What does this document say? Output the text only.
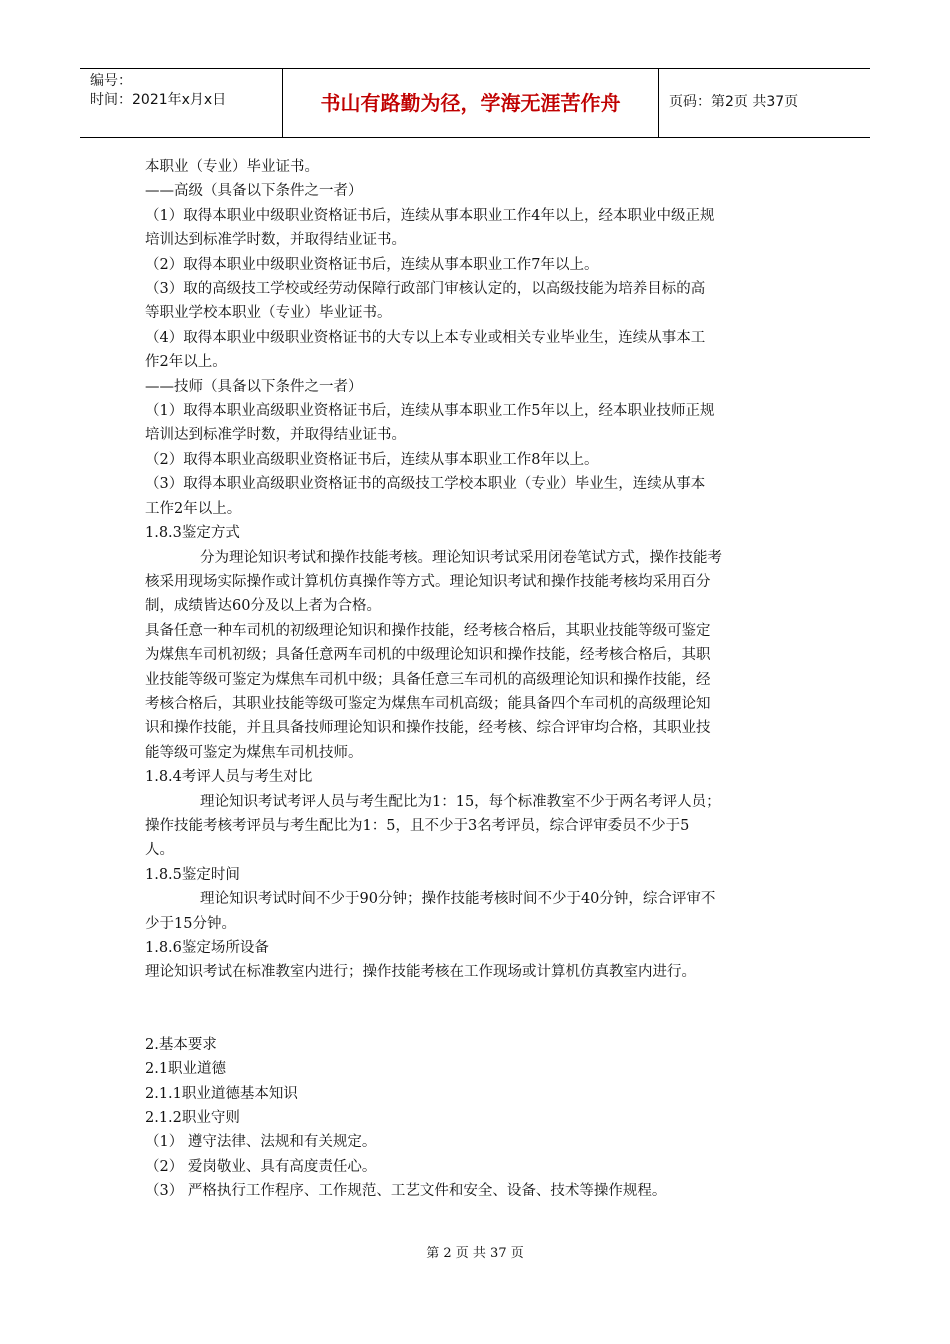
编号：
时间：2021年x月x日	书山有路勤为径，学海无涯苦作舟	页码：第2页 共37页

本职业（专业）毕业证书。

——高级（具备以下条件之一者）

（1）取得本职业中级职业资格证书后，连续从事本职业工作4年以上，经本职业中级正规

培训达到标准学时数，并取得结业证书。

（2）取得本职业中级职业资格证书后，连续从事本职业工作7年以上。

（3）取的高级技工学校或经劳动保障行政部门审核认定的，以高级技能为培养目标的高

等职业学校本职业（专业）毕业证书。

（4）取得本职业中级职业资格证书的大专以上本专业或相关专业毕业生，连续从事本工

作2年以上。

——技师（具备以下条件之一者）

（1）取得本职业高级职业资格证书后，连续从事本职业工作5年以上，经本职业技师正规

培训达到标准学时数，并取得结业证书。

（2）取得本职业高级职业资格证书后，连续从事本职业工作8年以上。

（3）取得本职业高级职业资格证书的高级技工学校本职业（专业）毕业生，连续从事本

工作2年以上。

1.8.3鉴定方式

分为理论知识考试和操作技能考核。理论知识考试采用闭卷笔试方式，操作技能考

核采用现场实际操作或计算机仿真操作等方式。理论知识考试和操作技能考核均采用百分

制，成绩皆达60分及以上者为合格。

具备任意一种车司机的初级理论知识和操作技能，经考核合格后，其职业技能等级可鉴定

为煤焦车司机初级；具备任意两车司机的中级理论知识和操作技能，经考核合格后，其职

业技能等级可鉴定为煤焦车司机中级；具备任意三车司机的高级理论知识和操作技能，经

考核合格后，其职业技能等级可鉴定为煤焦车司机高级；能具备四个车司机的高级理论知

识和操作技能，并且具备技师理论知识和操作技能，经考核、综合评审均合格，其职业技

能等级可鉴定为煤焦车司机技师。

1.8.4考评人员与考生对比

理论知识考试考评人员与考生配比为1：15，每个标准教室不少于两名考评人员；

操作技能考核考评员与考生配比为1：5，且不少于3名考评员，综合评审委员不少于5

人。

1.8.5鉴定时间

理论知识考试时间不少于90分钟；操作技能考核时间不少于40分钟，综合评审不

少于15分钟。

1.8.6鉴定场所设备

理论知识考试在标准教室内进行；操作技能考核在工作现场或计算机仿真教室内进行。

2.基本要求

2.1职业道德

2.1.1职业道德基本知识

2.1.2职业守则

（1） 遵守法律、法规和有关规定。

（2） 爱岗敬业、具有高度责任心。

（3） 严格执行工作程序、工作规范、工艺文件和安全、设备、技术等操作规程。

第 2 页 共 37 页
